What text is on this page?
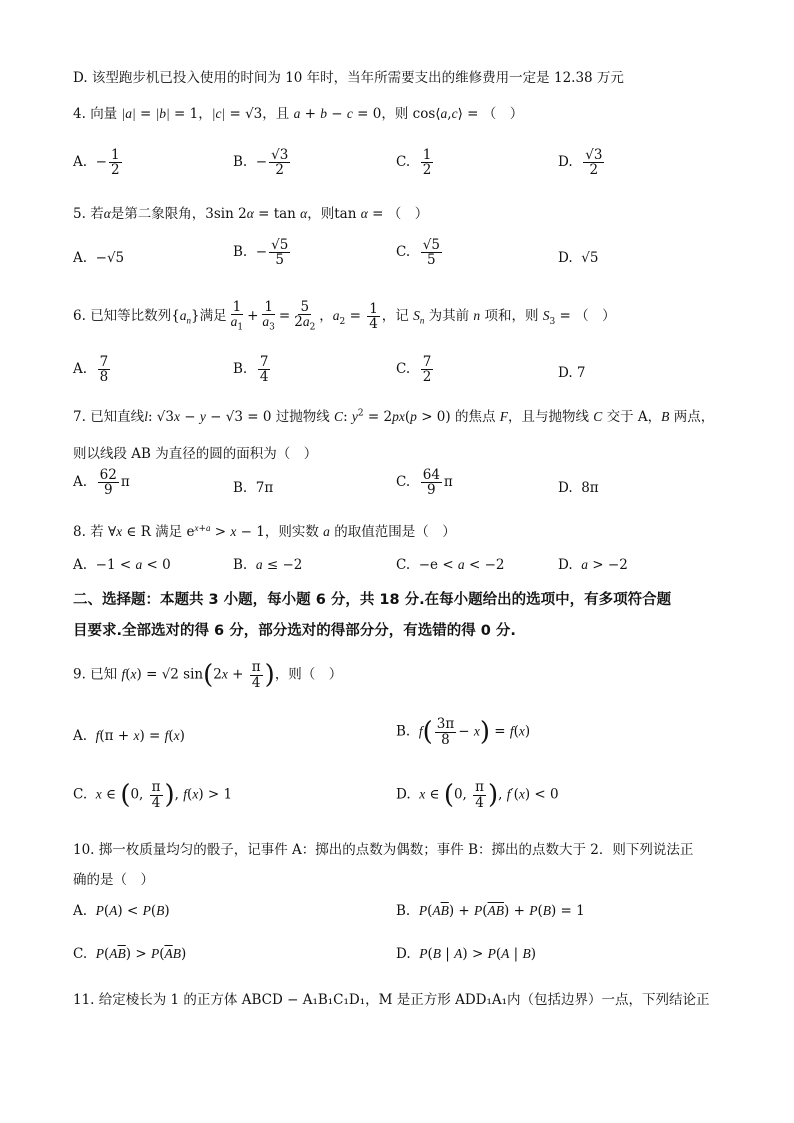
D. 该型跑步机已投入使用的时间为 10 年时，当年所需要支出的维修费用一定是 12.38 万元
4. 向量 |a| = |b| = 1，|c| = √3，且 a + b − c = 0，则 cos⟨a,c⟩ = （　）
A.  − $\frac{1}{2}$	B.  − $\frac{√3}{2}$	C. $\frac{1}{2}$	D. $\frac{√3}{2}$
5. 若α是第二象限角，3sin 2α = tan α，则tan α = （　）
A.  −√5	B.  − $\frac{√5}{5}$	C. $\frac{√5}{5}$	D.  √5
6. 已知等比数列$\{a_n\}$满足 $\frac{1}{a_1} + \frac{1}{a_3} = \frac{5}{2a_2}$ ，$a_2 = \frac{1}{4}$ ，记 $S_n$ 为其前 n 项和，则 $S_3$ = （　）
A. $\frac{7}{8}$	B. $\frac{7}{4}$	C. $\frac{7}{2}$	D. 7
7. 已知直线l: √3x − y − √3 = 0 过抛物线 C: $y^2 = 2px(p > 0)$ 的焦点 F，且与抛物线 C 交于 A，B 两点，
则以线段 AB 为直径的圆的面积为（　）
A. $\frac{62}{9}$ π	B.  7π	C. $\frac{64}{9}$ π	D.  8π
8. 若 ∀x ∈ R 满足 $e^{x+a} > x - 1$，则实数 a 的取值范围是（　）
A.  −1 < a < 0	B. a ≤ −2	C.  −e < a < −2	D. a > −2
二、选择题：本题共 3 小题，每小题 6 分，共 18 分.在每小题给出的选项中，有多项符合题
目要求.全部选对的得 6 分，部分选对的得部分分，有选错的得 0 分.
9. 已知 f(x) = √2 $\sin(2x + \frac{\pi}{4}$ )，则（　）
A. f(π + x) = f(x)	B. $f( \frac{3\pi}{8} - x) = f(x)$
C. x ∈ (0, $\frac{\pi}{4}$ ), f(x) > 1	D. x ∈ (0, $\frac{\pi}{4}$ ), f′(x) < 0
10. 掷一枚质量均匀的骰子，记事件 A：掷出的点数为偶数；事件 B：掷出的点数大于 2．则下列说法正
确的是（　）
A. P(A) < P(B)	B. $P(A\overline{B}) + P(\overline{AB}) + P(B) = 1$
C. $P(A\overline{B}) > P(\overline{A}B)$	D. P(B | A) > P(A | B)
11. 给定棱长为 1 的正方体 ABCD − A₁B₁C₁D₁，M 是正方形 ADD₁A₁内（包括边界）一点，下列结论正
